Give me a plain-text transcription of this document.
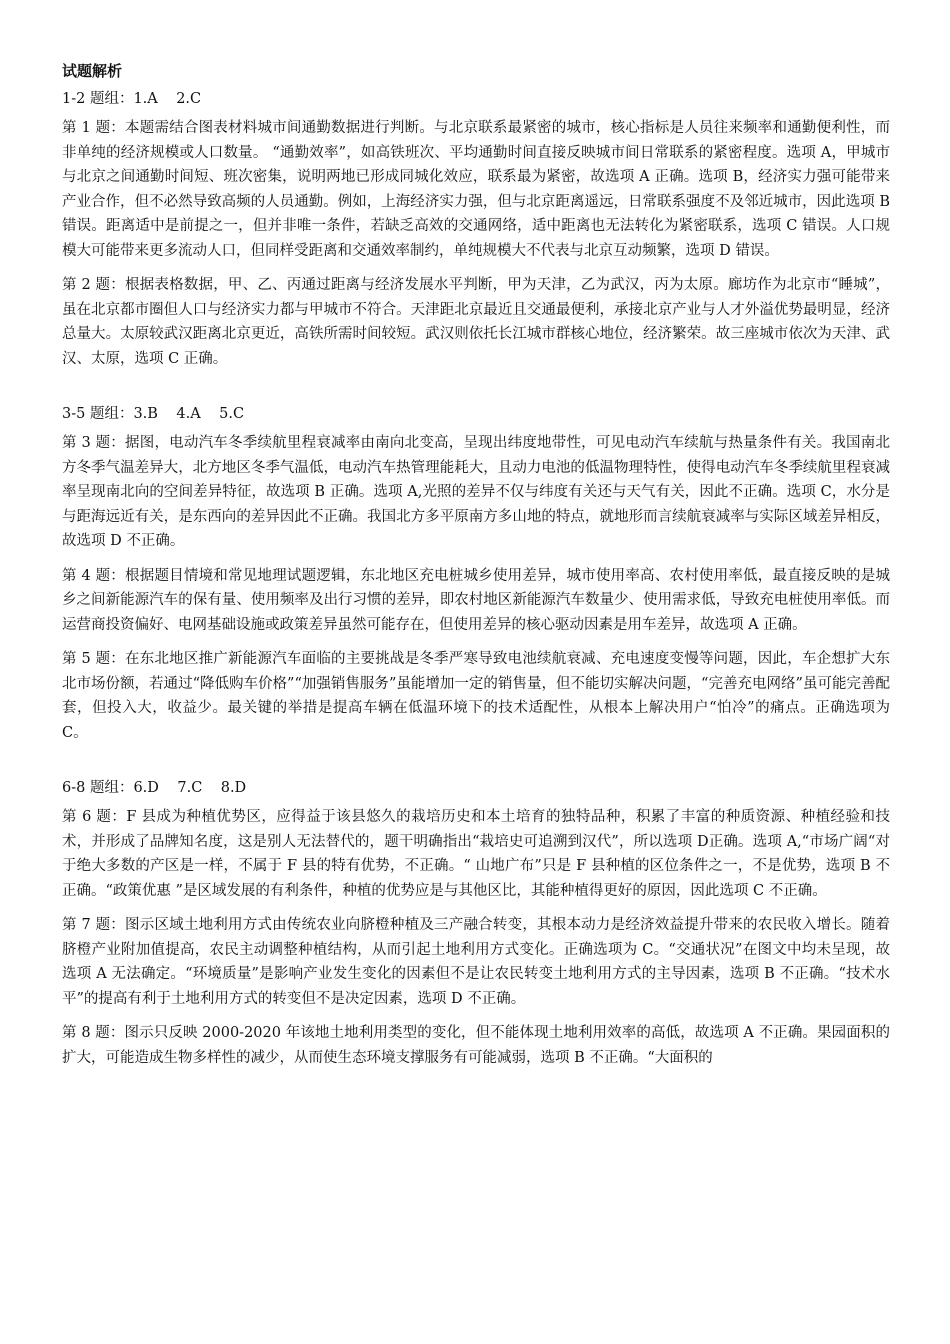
试题解析
1-2 题组：1.A    2.C

第 1 题：本题需结合图表材料城市间通勤数据进行判断。与北京联系最紧密的城市，核心指标是人员往来频率和通勤便利性，而非单纯的经济规模或人口数量。 “通勤效率”，如高铁班次、平均通勤时间直接反映城市间日常联系的紧密程度。选项 A，甲城市与北京之间通勤时间短、班次密集，说明两地已形成同城化效应，联系最为紧密，故选项 A 正确。选项 B，经济实力强可能带来产业合作，但不必然导致高频的人员通勤。例如，上海经济实力强，但与北京距离遥远，日常联系强度不及邻近城市，因此选项 B 错误。距离适中是前提之一，但并非唯一条件，若缺乏高效的交通网络，适中距离也无法转化为紧密联系，选项 C 错误。人口规模大可能带来更多流动人口，但同样受距离和交通效率制约，单纯规模大不代表与北京互动频繁，选项 D 错误。

第 2 题：根据表格数据，甲、乙、丙通过距离与经济发展水平判断，甲为天津，乙为武汉，丙为太原。廊坊作为北京市“睡城”，虽在北京都市圈但人口与经济实力都与甲城市不符合。天津距北京最近且交通最便利，承接北京产业与人才外溢优势最明显，经济总量大。太原较武汉距离北京更近，高铁所需时间较短。武汉则依托长江城市群核心地位，经济繁荣。故三座城市依次为天津、武汉、太原，选项 C 正确。

3-5 题组：3.B    4.A    5.C

第 3 题：据图，电动汽车冬季续航里程衰减率由南向北变高，呈现出纬度地带性，可见电动汽车续航与热量条件有关。我国南北方冬季气温差异大，北方地区冬季气温低，电动汽车热管理能耗大，且动力电池的低温物理特性，使得电动汽车冬季续航里程衰减率呈现南北向的空间差异特征，故选项 B 正确。选项 A,光照的差异不仅与纬度有关还与天气有关，因此不正确。选项 C，水分是与距海远近有关，是东西向的差异因此不正确。我国北方多平原南方多山地的特点，就地形而言续航衰减率与实际区域差异相反，故选项 D 不正确。

第 4 题：根据题目情境和常见地理试题逻辑，东北地区充电桩城乡使用差异，城市使用率高、农村使用率低，最直接反映的是城乡之间新能源汽车的保有量、使用频率及出行习惯的差异，即农村地区新能源汽车数量少、使用需求低，导致充电桩使用率低。而运营商投资偏好、电网基础设施或政策差异虽然可能存在，但使用差异的核心驱动因素是用车差异，故选项 A 正确。

第 5 题：在东北地区推广新能源汽车面临的主要挑战是冬季严寒导致电池续航衰减、充电速度变慢等问题，因此，车企想扩大东北市场份额，若通过“降低购车价格”“加强销售服务”虽能增加一定的销售量，但不能切实解决问题，“完善充电网络”虽可能完善配套，但投入大，收益少。最关键的举措是提高车辆在低温环境下的技术适配性，从根本上解决用户“怕冷”的痛点。正确选项为 C。

6-8 题组：6.D    7.C    8.D

第 6 题：F 县成为种植优势区，应得益于该县悠久的栽培历史和本土培育的独特品种，积累了丰富的种质资源、种植经验和技术，并形成了品牌知名度，这是别人无法替代的，题干明确指出“栽培史可追溯到汉代”，所以选项 D正确。选项 A,“市场广阔“对于绝大多数的产区是一样，不属于 F 县的特有优势，不正确。“ 山地广布”只是 F 县种植的区位条件之一，不是优势，选项 B 不正确。“政策优惠 ”是区域发展的有利条件，种植的优势应是与其他区比，其能种植得更好的原因，因此选项 C 不正确。

第 7 题：图示区域土地利用方式由传统农业向脐橙种植及三产融合转变，其根本动力是经济效益提升带来的农民收入增长。随着脐橙产业附加值提高，农民主动调整种植结构，从而引起土地利用方式变化。正确选项为 C。“交通状况”在图文中均未呈现，故选项 A 无法确定。“环境质量”是影响产业发生变化的因素但不是让农民转变土地利用方式的主导因素，选项 B 不正确。“技术水平”的提高有利于土地利用方式的转变但不是决定因素，选项 D 不正确。

第 8 题：图示只反映 2000-2020 年该地土地利用类型的变化，但不能体现土地利用效率的高低，故选项 A 不正确。果园面积的扩大，可能造成生物多样性的减少，从而使生态环境支撑服务有可能减弱，选项 B 不正确。“大面积的
